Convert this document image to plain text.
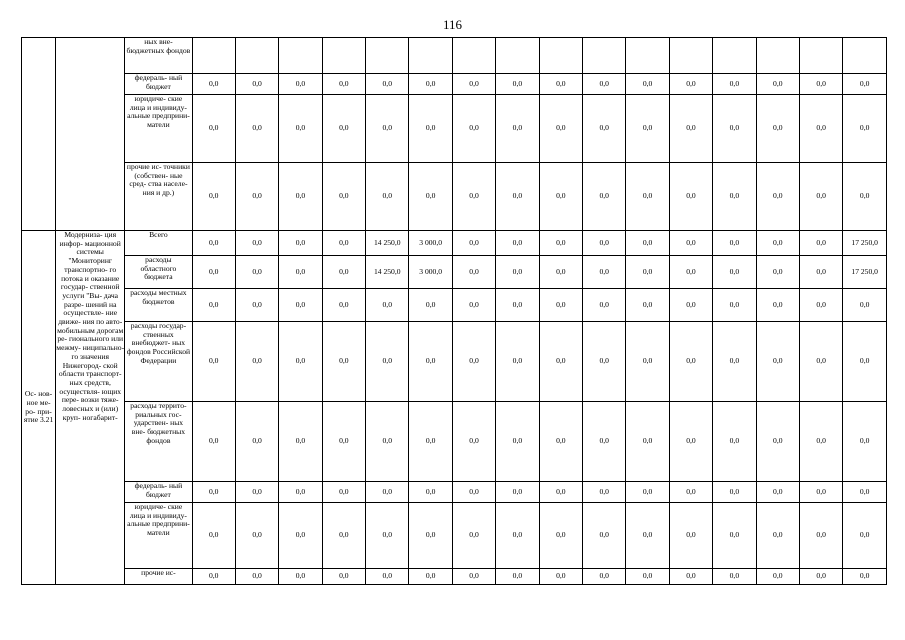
116
		ных вне- бюджетных фондов																
		федераль- ный бюджет	0,0	0,0	0,0	0,0	0,0	0,0	0,0	0,0	0,0	0,0	0,0	0,0	0,0	0,0	0,0	0,0
		юридиче- ские лица и индивиду- альные предприни- матели	0,0	0,0	0,0	0,0	0,0	0,0	0,0	0,0	0,0	0,0	0,0	0,0	0,0	0,0	0,0	0,0
		прочие ис- точники (собствен- ные сред- ства населе- ния и др.)	0,0	0,0	0,0	0,0	0,0	0,0	0,0	0,0	0,0	0,0	0,0	0,0	0,0	0,0	0,0	0,0
Ос- нов- ное ме- ро- при- ятие 3.21	Модерниза- ция инфор- мационной системы "Мониторинг транспортно- го потока и оказание государ- ственной услуги "Вы- дача разре- шений на осуществле- ние движе- ния по авто- мобильным дорогам ре- гионального или межму- ниципально- го значения Нижегород- ской области транспорт- ных средств, осуществля- ющих пере- возки тяже- ловесных и (или) круп- ногабарит-	Всего	0,0	0,0	0,0	0,0	14 250,0	3 000,0	0,0	0,0	0,0	0,0	0,0	0,0	0,0	0,0	0,0	17 250,0
		расходы областного бюджета	0,0	0,0	0,0	0,0	14 250,0	3 000,0	0,0	0,0	0,0	0,0	0,0	0,0	0,0	0,0	0,0	17 250,0
		расходы местных бюджетов	0,0	0,0	0,0	0,0	0,0	0,0	0,0	0,0	0,0	0,0	0,0	0,0	0,0	0,0	0,0	0,0
		расходы государ- ственных внебюджет- ных фондов Российской Федерации	0,0	0,0	0,0	0,0	0,0	0,0	0,0	0,0	0,0	0,0	0,0	0,0	0,0	0,0	0,0	0,0
		расходы террито- риальных гос- ударствен- ных вне- бюджетных фондов	0,0	0,0	0,0	0,0	0,0	0,0	0,0	0,0	0,0	0,0	0,0	0,0	0,0	0,0	0,0	0,0
		федераль- ный бюджет	0,0	0,0	0,0	0,0	0,0	0,0	0,0	0,0	0,0	0,0	0,0	0,0	0,0	0,0	0,0	0,0
		юридиче- ские лица и индивиду- альные предприни- матели	0,0	0,0	0,0	0,0	0,0	0,0	0,0	0,0	0,0	0,0	0,0	0,0	0,0	0,0	0,0	0,0
		прочие ис-	0,0	0,0	0,0	0,0	0,0	0,0	0,0	0,0	0,0	0,0	0,0	0,0	0,0	0,0	0,0	0,0
